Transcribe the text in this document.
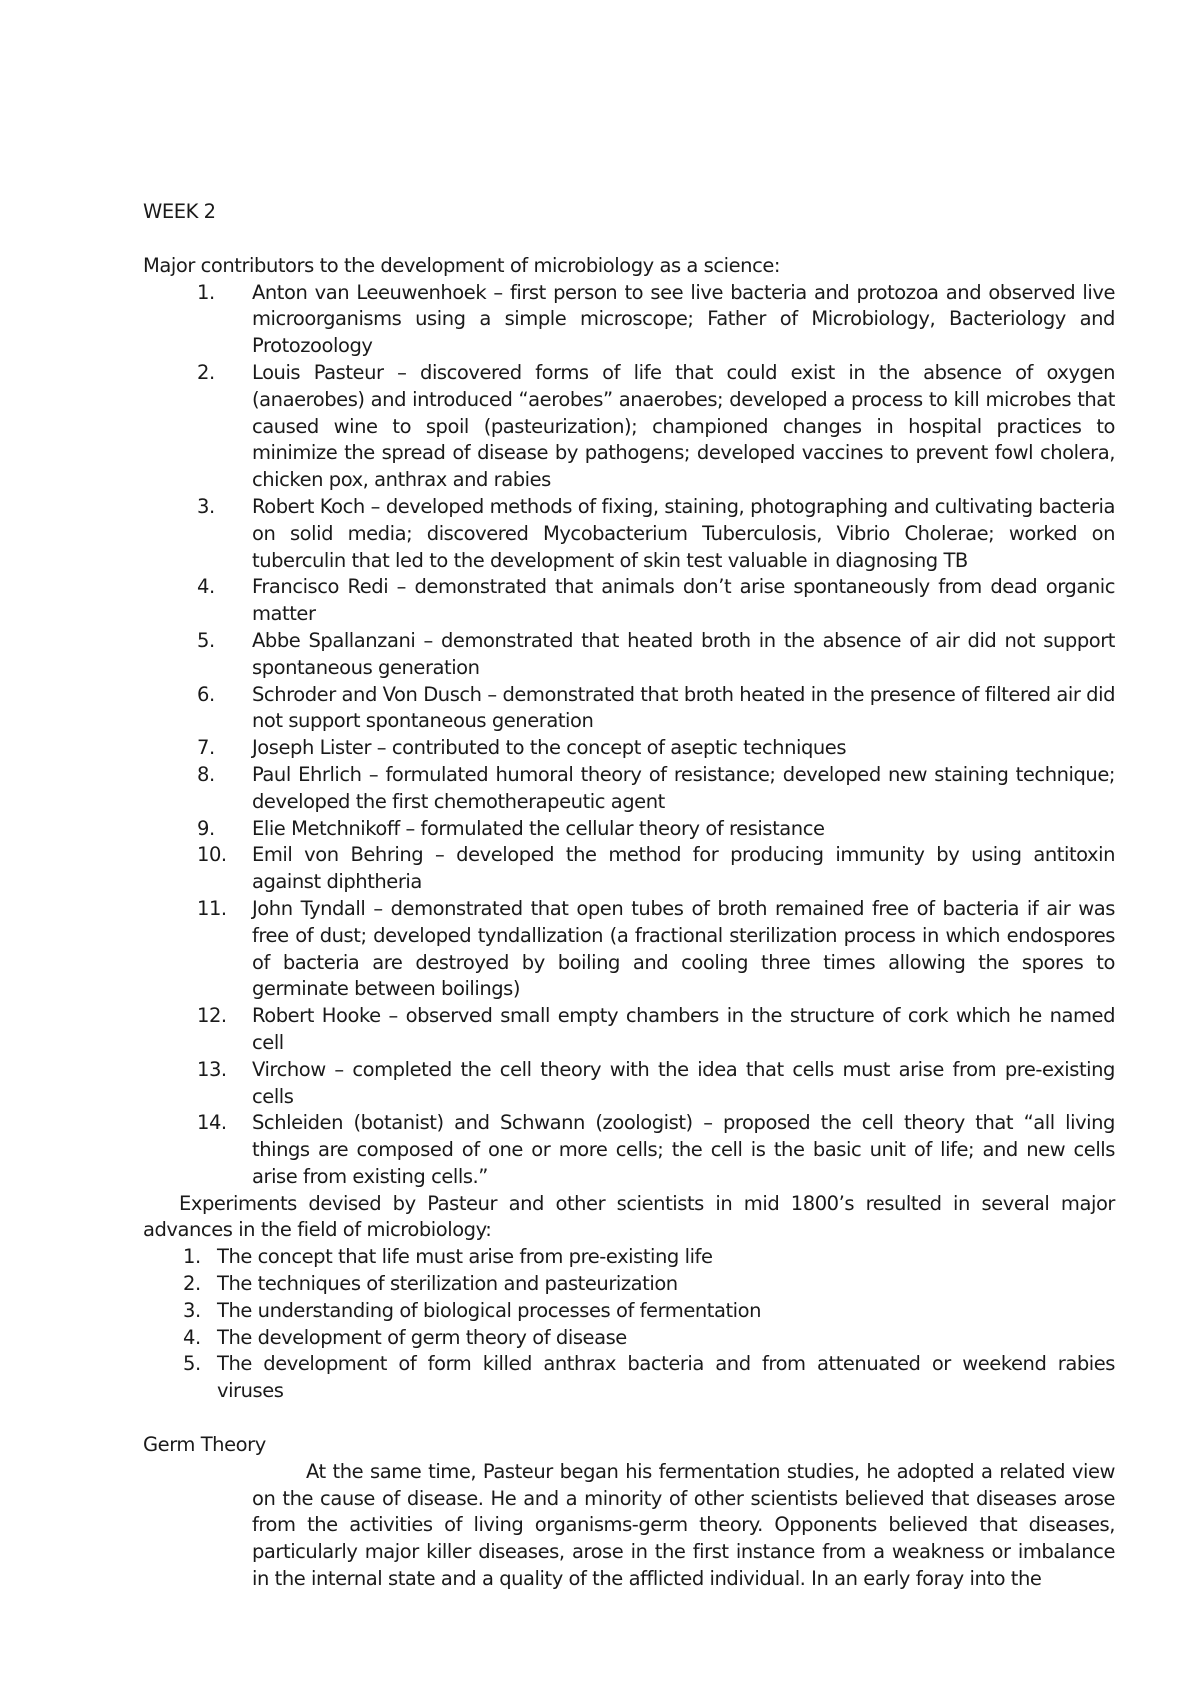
WEEK 2

Major contributors to the development of microbiology as a science:

1.	Anton van Leeuwenhoek – first person to see live bacteria and protozoa and observed live microorganisms using a simple microscope; Father of Microbiology, Bacteriology and Protozoology
2.	Louis Pasteur – discovered forms of life that could exist in the absence of oxygen (anaerobes) and introduced “aerobes” anaerobes; developed a process to kill microbes that caused wine to spoil (pasteurization); championed changes in hospital practices to minimize the spread of disease by pathogens; developed vaccines to prevent fowl cholera, chicken pox, anthrax and rabies
3.	Robert Koch – developed methods of fixing, staining, photographing and cultivating bacteria on solid media; discovered Mycobacterium Tuberculosis, Vibrio Cholerae; worked on tuberculin that led to the development of skin test valuable in diagnosing TB
4.	Francisco Redi – demonstrated that animals don’t arise spontaneously from dead organic matter
5.	Abbe Spallanzani – demonstrated that heated broth in the absence of air did not support spontaneous generation
6.	Schroder and Von Dusch – demonstrated that broth heated in the presence of filtered air did not support spontaneous generation
7.	Joseph Lister – contributed to the concept of aseptic techniques
8.	Paul Ehrlich – formulated humoral theory of resistance; developed new staining technique; developed the first chemotherapeutic agent
9.	Elie Metchnikoff – formulated the cellular theory of resistance
10.	Emil von Behring – developed the method for producing immunity by using antitoxin against diphtheria
11.	John Tyndall – demonstrated that open tubes of broth remained free of bacteria if air was free of dust; developed tyndallization (a fractional sterilization process in which endospores of bacteria are destroyed by boiling and cooling three times allowing the spores to germinate between boilings)
12.	Robert Hooke – observed small empty chambers in the structure of cork which he named cell
13.	Virchow – completed the cell theory with the idea that cells must arise from pre-existing cells
14.	Schleiden (botanist) and Schwann (zoologist) – proposed the cell theory that “all living things are composed of one or more cells; the cell is the basic unit of life; and new cells arise from existing cells.”

Experiments devised by Pasteur and other scientists in mid 1800’s resulted in several major advances in the field of microbiology:

1. The concept that life must arise from pre-existing life
2. The techniques of sterilization and pasteurization
3. The understanding of biological processes of fermentation
4. The development of germ theory of disease
5. The development of form killed anthrax bacteria and from attenuated or weekend rabies viruses
Germ Theory

At the same time, Pasteur began his fermentation studies, he adopted a related view on the cause of disease. He and a minority of other scientists believed that diseases arose from the activities of living organisms-germ theory. Opponents believed that diseases, particularly major killer diseases, arose in the first instance from a weakness or imbalance in the internal state and a quality of the afflicted individual. In an early foray into the
